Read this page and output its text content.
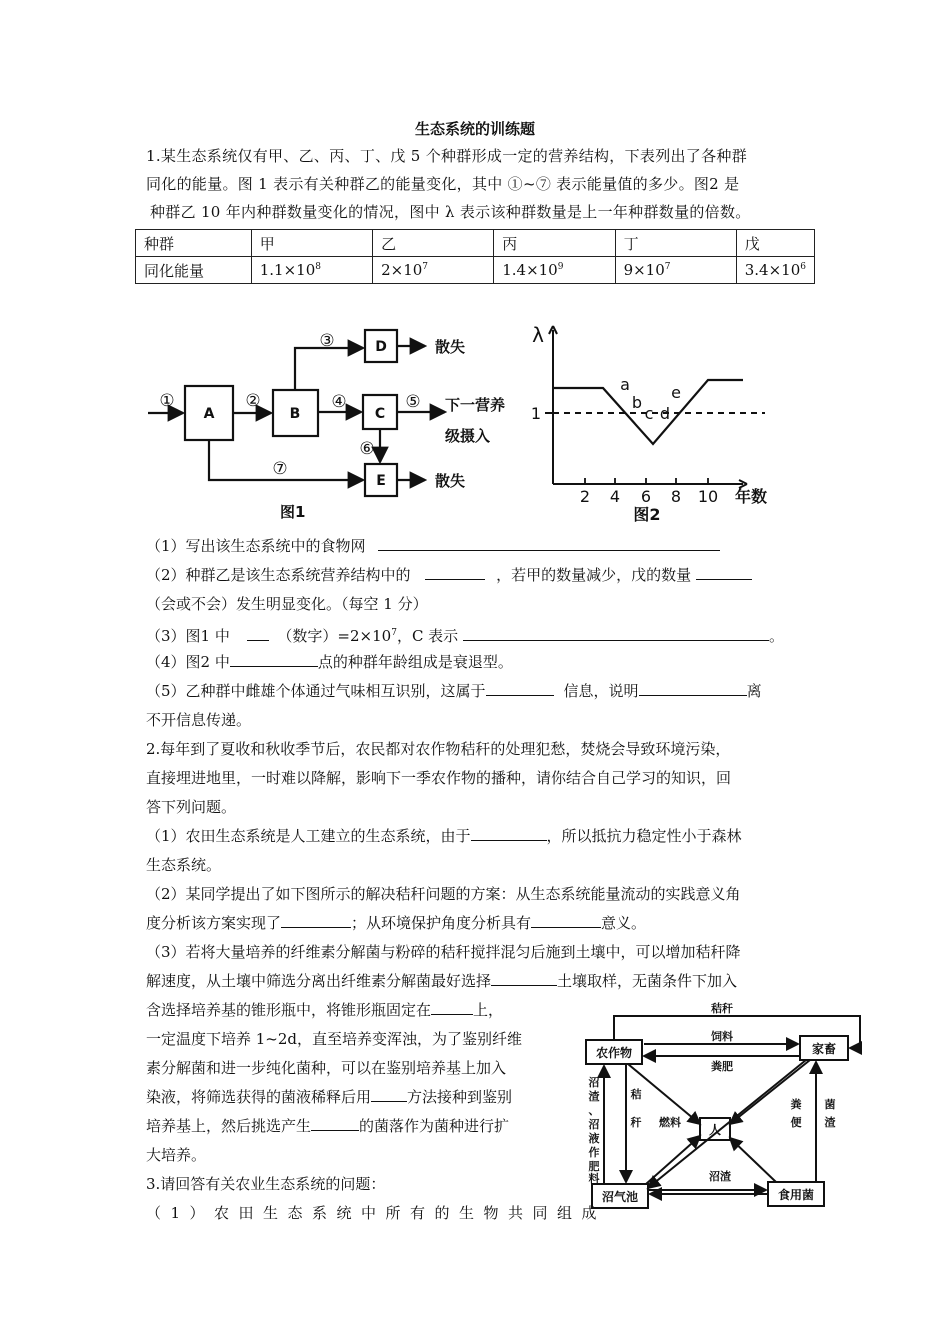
生态系统的训练题
1.某生态系统仅有甲、乙、丙、丁、戊 5 个种群形成一定的营养结构，下表列出了各种群
同化的能量。图 1 表示有关种群乙的能量变化，其中 ①~⑦ 表示能量值的多少。图2 是
种群乙 10 年内种群数量变化的情况，图中 λ 表示该种群数量是上一年种群数量的倍数。
种群	甲	乙	丙	丁	戊
同化能量	$1.1\times 10^8$	$2\times 10^7$	$1.4\times 10^9$	$9\times 10^7$	$3.4\times 10^6$
A	B	C
D
E
①	②
③
④	⑤
⑥
⑦
散失
散失
下一营养
级摄入
图1
λ
1
2 4 6 8 10 年数
a
b
c d
e
图2
（1）写出该生态系统中的食物网
（2）种群乙是该生态系统营养结构中的	，若甲的数量减少，戊的数量
（会或不会）发生明显变化。（每空 1 分）
（3）图1 中	（数字）$=2\times 10^7$，C 表示	。
（4）图2 中	点的种群年龄组成是衰退型。
（5）乙种群中雌雄个体通过气味相互识别，这属于	信息，说明	离
不开信息传递。
2.每年到了夏收和秋收季节后，农民都对农作物秸秆的处理犯愁，焚烧会导致环境污染，
直接埋进地里，一时难以降解，影响下一季农作物的播种，请你结合自己学习的知识，回
答下列问题。
（1）农田生态系统是人工建立的生态系统，由于	，所以抵抗力稳定性小于森林
生态系统。
（2）某同学提出了如下图所示的解决秸秆问题的方案：从生态系统能量流动的实践意义角
度分析该方案实现了	；从环境保护角度分析具有	意义。
（3）若将大量培养的纤维素分解菌与粉碎的秸秆搅拌混匀后施到土壤中，可以增加秸秆降
解速度，从土壤中筛选分离出纤维素分解菌最好选择	土壤取样，无菌条件下加入
含选择培养基的锥形瓶中，将锥形瓶固定在	上，
一定温度下培养 1~2d，直至培养变浑浊，为了鉴别纤维
素分解菌和进一步纯化菌种，可以在鉴别培养基上加入
染液，将筛选获得的菌液稀释后用 方法接种到鉴别
培养基上，然后挑选产生	的菌落作为菌种进行扩
大培养。
3.请回答有关农业生态系统的问题：
（1）农田生态系统中所有的生物共同组成
农作物	家畜
人
沼气池	食用菌
秸秆
饲料
粪肥
秸
秆 燃料
沼渣
沼
渣
、
沼
液
作
肥
料
粪
便
菌
渣
